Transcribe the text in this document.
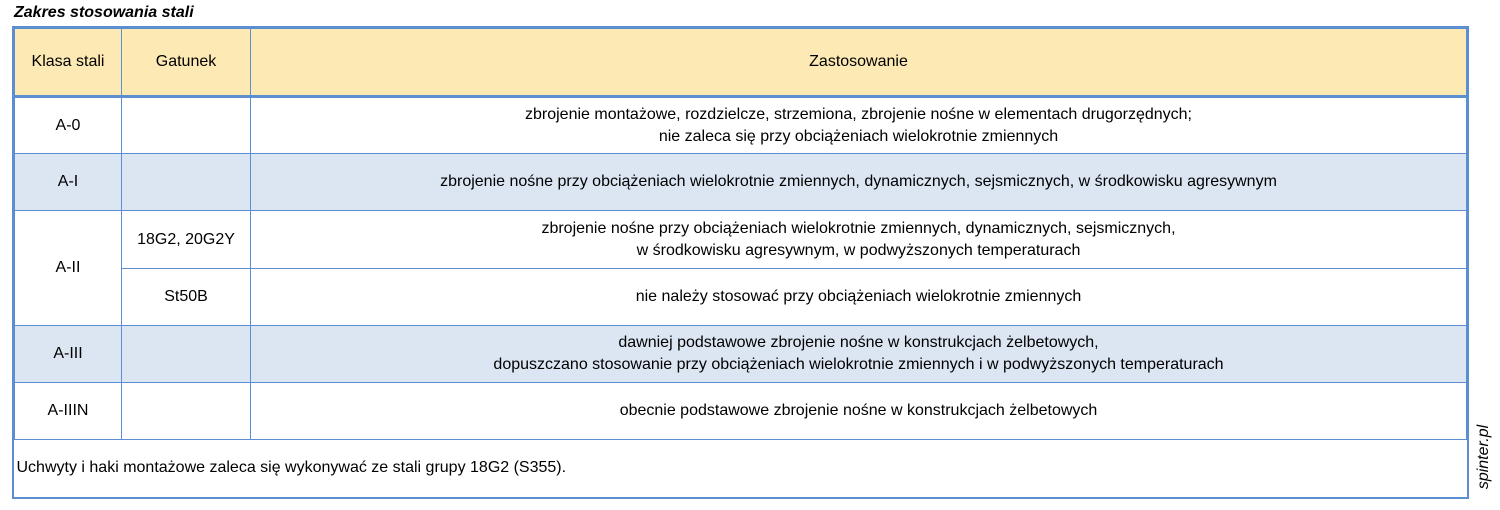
Zakres stosowania stali
Klasa stali	Gatunek	Zastosowanie
A-0		zbrojenie montażowe, rozdzielcze, strzemiona, zbrojenie nośne w elementach drugorzędnych;
nie zaleca się przy obciążeniach wielokrotnie zmiennych

A-I		zbrojenie nośne przy obciążeniach wielokrotnie zmiennych, dynamicznych, sejsmicznych, w środkowisku agresywnym

A-II	18G2, 20G2Y	zbrojenie nośne przy obciążeniach wielokrotnie zmiennych, dynamicznych, sejsmicznych,
w środkowisku agresywnym, w podwyższonych temperaturach

	St50B	nie należy stosować przy obciążeniach wielokrotnie zmiennych

A-III		dawniej podstawowe zbrojenie nośne w konstrukcjach żelbetowych,
dopuszczano stosowanie przy obciążeniach wielokrotnie zmiennych i w podwyższonych temperaturach

A-IIIN		obecnie podstawowe zbrojenie nośne w konstrukcjach żelbetowych

Uchwyty i haki montażowe zaleca się wykonywać ze stali grupy 18G2 (S355).			spinter.pl
